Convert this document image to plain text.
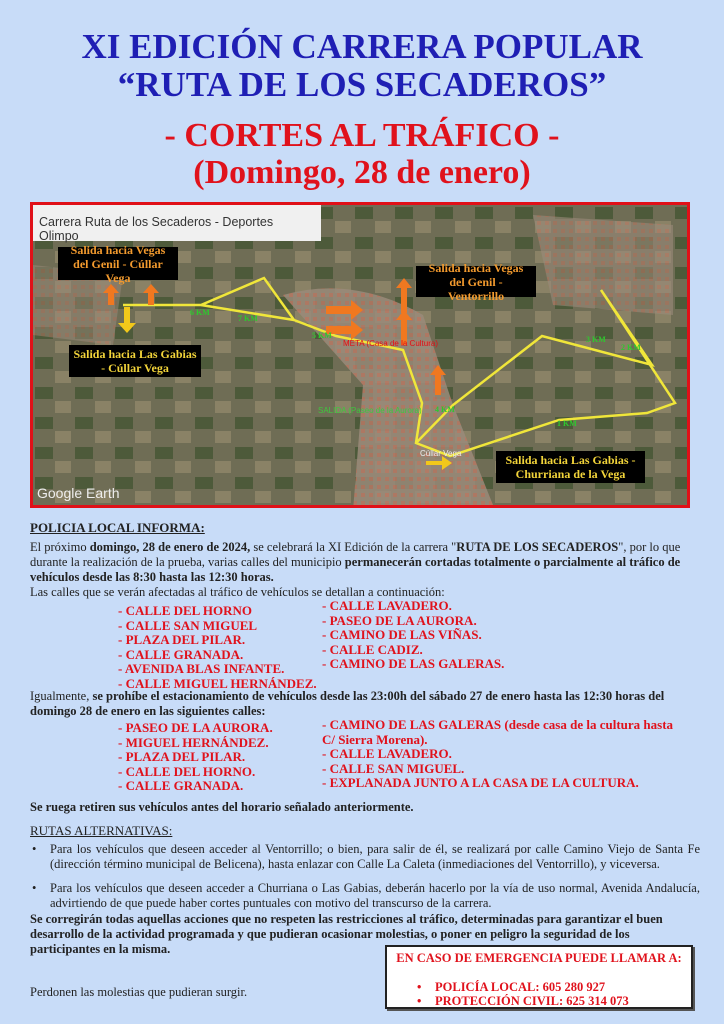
XI EDICIÓN CARRERA POPULAR
“RUTA DE LOS SECADEROS”
- CORTES AL TRÁFICO -
(Domingo, 28 de enero)
Carrera Ruta de los Secaderos - Deportes Olimpo
Salida hacia Vegas del Genil - Cúllar Vega
Salida hacia Vegas del Genil - Ventorrillo
Salida hacia Las Gabias - Cúllar Vega
Salida hacia Las Gabias - Churriana de la Vega
META (Casa de la Cultura)
SALIDA (Paseo de la Aurora)
Cúllar Vega
1 KM
2 KM
3 KM
4 KM
5 KM
6 KM
7 KM
Google Earth
POLICIA LOCAL INFORMA:
El próximo domingo, 28 de enero de 2024, se celebrará la XI Edición de la carrera "RUTA DE LOS SECADEROS", por lo que durante la realización de la prueba, varias calles del municipio permanecerán cortadas totalmente o parcialmente al tráfico de vehículos desde las 8:30 hasta las 12:30 horas.
Las calles que se verán afectadas al tráfico de vehículos se detallan a continuación:
- CALLE DEL HORNO
- CALLE SAN MIGUEL
- PLAZA DEL PILAR.
- CALLE GRANADA.
- AVENIDA BLAS INFANTE.
- CALLE MIGUEL HERNÁNDEZ.
- CALLE LAVADERO.
- PASEO DE LA AURORA.
- CAMINO DE LAS VIÑAS.
- CALLE CADIZ.
- CAMINO DE LAS GALERAS.
Igualmente, se prohíbe el estacionamiento de vehículos desde las 23:00h del sábado 27 de enero hasta las 12:30 horas del domingo 28 de enero en las siguientes calles:
- PASEO DE LA AURORA.
- MIGUEL HERNÁNDEZ.
- PLAZA DEL PILAR.
- CALLE DEL HORNO.
- CALLE GRANADA.
- CAMINO DE LAS GALERAS (desde casa de la cultura hasta C/ Sierra Morena).
- CALLE LAVADERO.
- CALLE SAN MIGUEL.
- EXPLANADA JUNTO A LA CASA DE LA CULTURA.
Se ruega retiren sus vehículos antes del horario señalado anteriormente.
RUTAS ALTERNATIVAS:
• Para los vehículos que deseen acceder al Ventorrillo; o bien, para salir de él, se realizará por calle Camino Viejo de Santa Fe (dirección término municipal de Belicena), hasta enlazar con Calle La Caleta (inmediaciones del Ventorrillo), y viceversa.
• Para los vehículos que deseen acceder a Churriana o Las Gabias, deberán hacerlo por la vía de uso normal, Avenida Andalucía, advirtiendo de que puede haber cortes puntuales con motivo del transcurso de la carrera.
Se corregirán todas aquellas acciones que no respeten las restricciones al tráfico, determinadas para garantizar el buen desarrollo de la actividad programada y que pudieran ocasionar molestias, o poner en peligro la seguridad de los participantes en la misma.
Perdonen las molestias que pudieran surgir.
EN CASO DE EMERGENCIA PUEDE LLAMAR A:
• POLICÍA LOCAL: 605 280 927
• PROTECCIÓN CIVIL: 625 314 073
